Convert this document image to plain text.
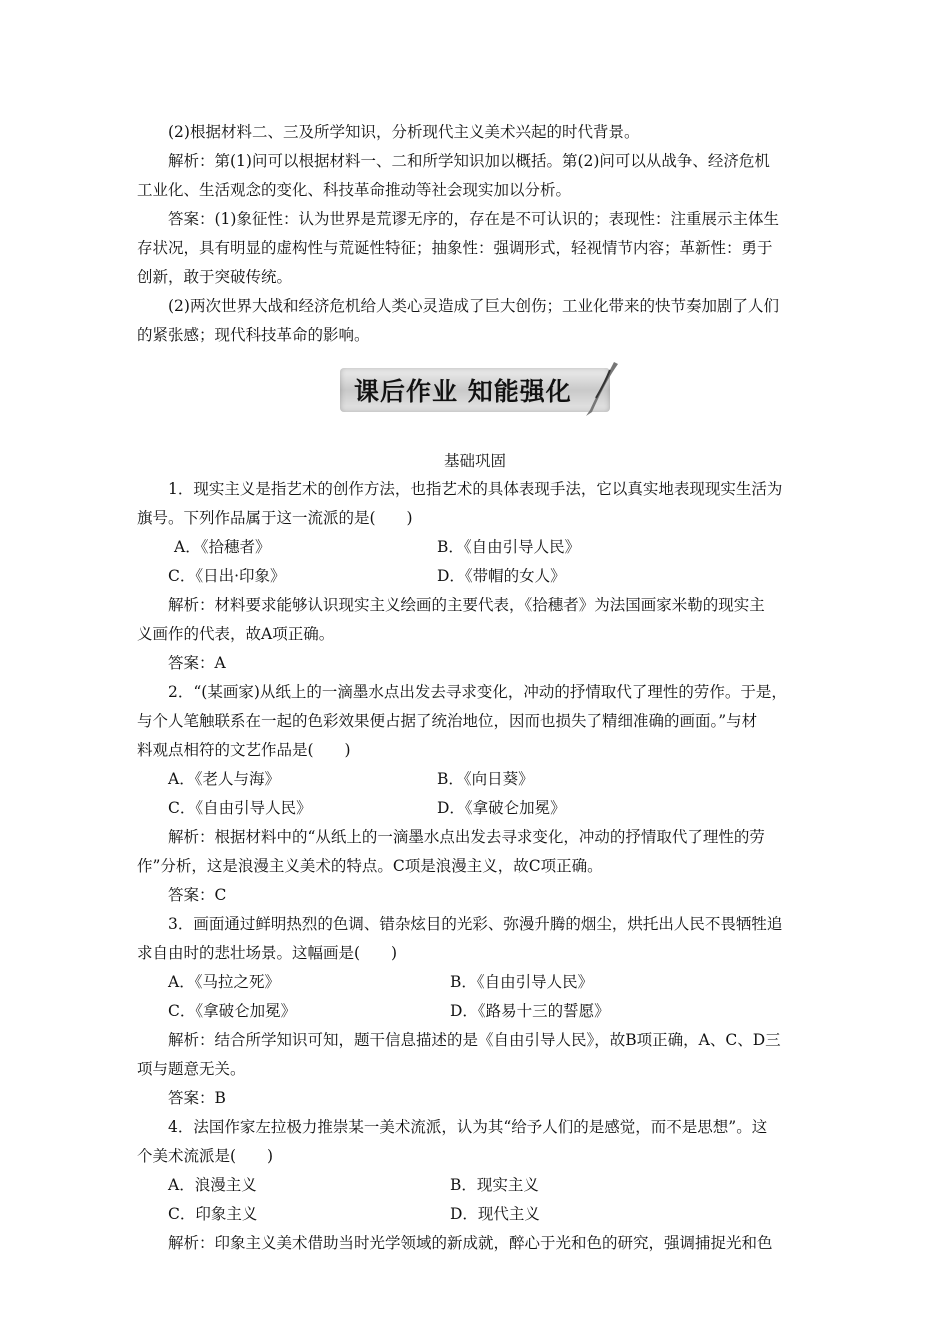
(2)根据材料二、三及所学知识，分析现代主义美术兴起的时代背景。

解析：第(1)问可以根据材料一、二和所学知识加以概括。第(2)问可以从战争、经济危机

工业化、生活观念的变化、科技革命推动等社会现实加以分析。

答案：(1)象征性：认为世界是荒谬无序的，存在是不可认识的；表现性：注重展示主体生

存状况，具有明显的虚构性与荒诞性特征；抽象性：强调形式，轻视情节内容；革新性：勇于

创新，敢于突破传统。

(2)两次世界大战和经济危机给人类心灵造成了巨大创伤；工业化带来的快节奏加剧了人们

的紧张感；现代科技革命的影响。

课后作业 知能强化
基础巩固

1．现实主义是指艺术的创作方法，也指艺术的具体表现手法，它以真实地表现现实生活为

旗号。下列作品属于这一流派的是(　　)

A．《拾穗者》	B．《自由引导人民》

C．《日出·印象》	D．《带帽的女人》

解析：材料要求能够认识现实主义绘画的主要代表，《拾穗者》为法国画家米勒的现实主

义画作的代表，故A项正确。

答案：A

2．“(某画家)从纸上的一滴墨水点出发去寻求变化，冲动的抒情取代了理性的劳作。于是，

与个人笔触联系在一起的色彩效果便占据了统治地位，因而也损失了精细准确的画面。”与材

料观点相符的文艺作品是(　　)

A．《老人与海》	B．《向日葵》

C．《自由引导人民》	D．《拿破仑加冕》

解析：根据材料中的“从纸上的一滴墨水点出发去寻求变化，冲动的抒情取代了理性的劳

作”分析，这是浪漫主义美术的特点。C项是浪漫主义，故C项正确。

答案：C

3．画面通过鲜明热烈的色调、错杂炫目的光彩、弥漫升腾的烟尘，烘托出人民不畏牺牲追

求自由时的悲壮场景。这幅画是(　　)

A．《马拉之死》	B．《自由引导人民》

C．《拿破仑加冕》	D．《路易十三的誓愿》

解析：结合所学知识可知，题干信息描述的是《自由引导人民》，故B项正确，A、C、D三

项与题意无关。

答案：B

4．法国作家左拉极力推崇某一美术流派，认为其“给予人们的是感觉，而不是思想”。这

个美术流派是(　　)

A．浪漫主义	B．现实主义

C．印象主义	D．现代主义

解析：印象主义美术借助当时光学领域的新成就，醉心于光和色的研究，强调捕捉光和色
